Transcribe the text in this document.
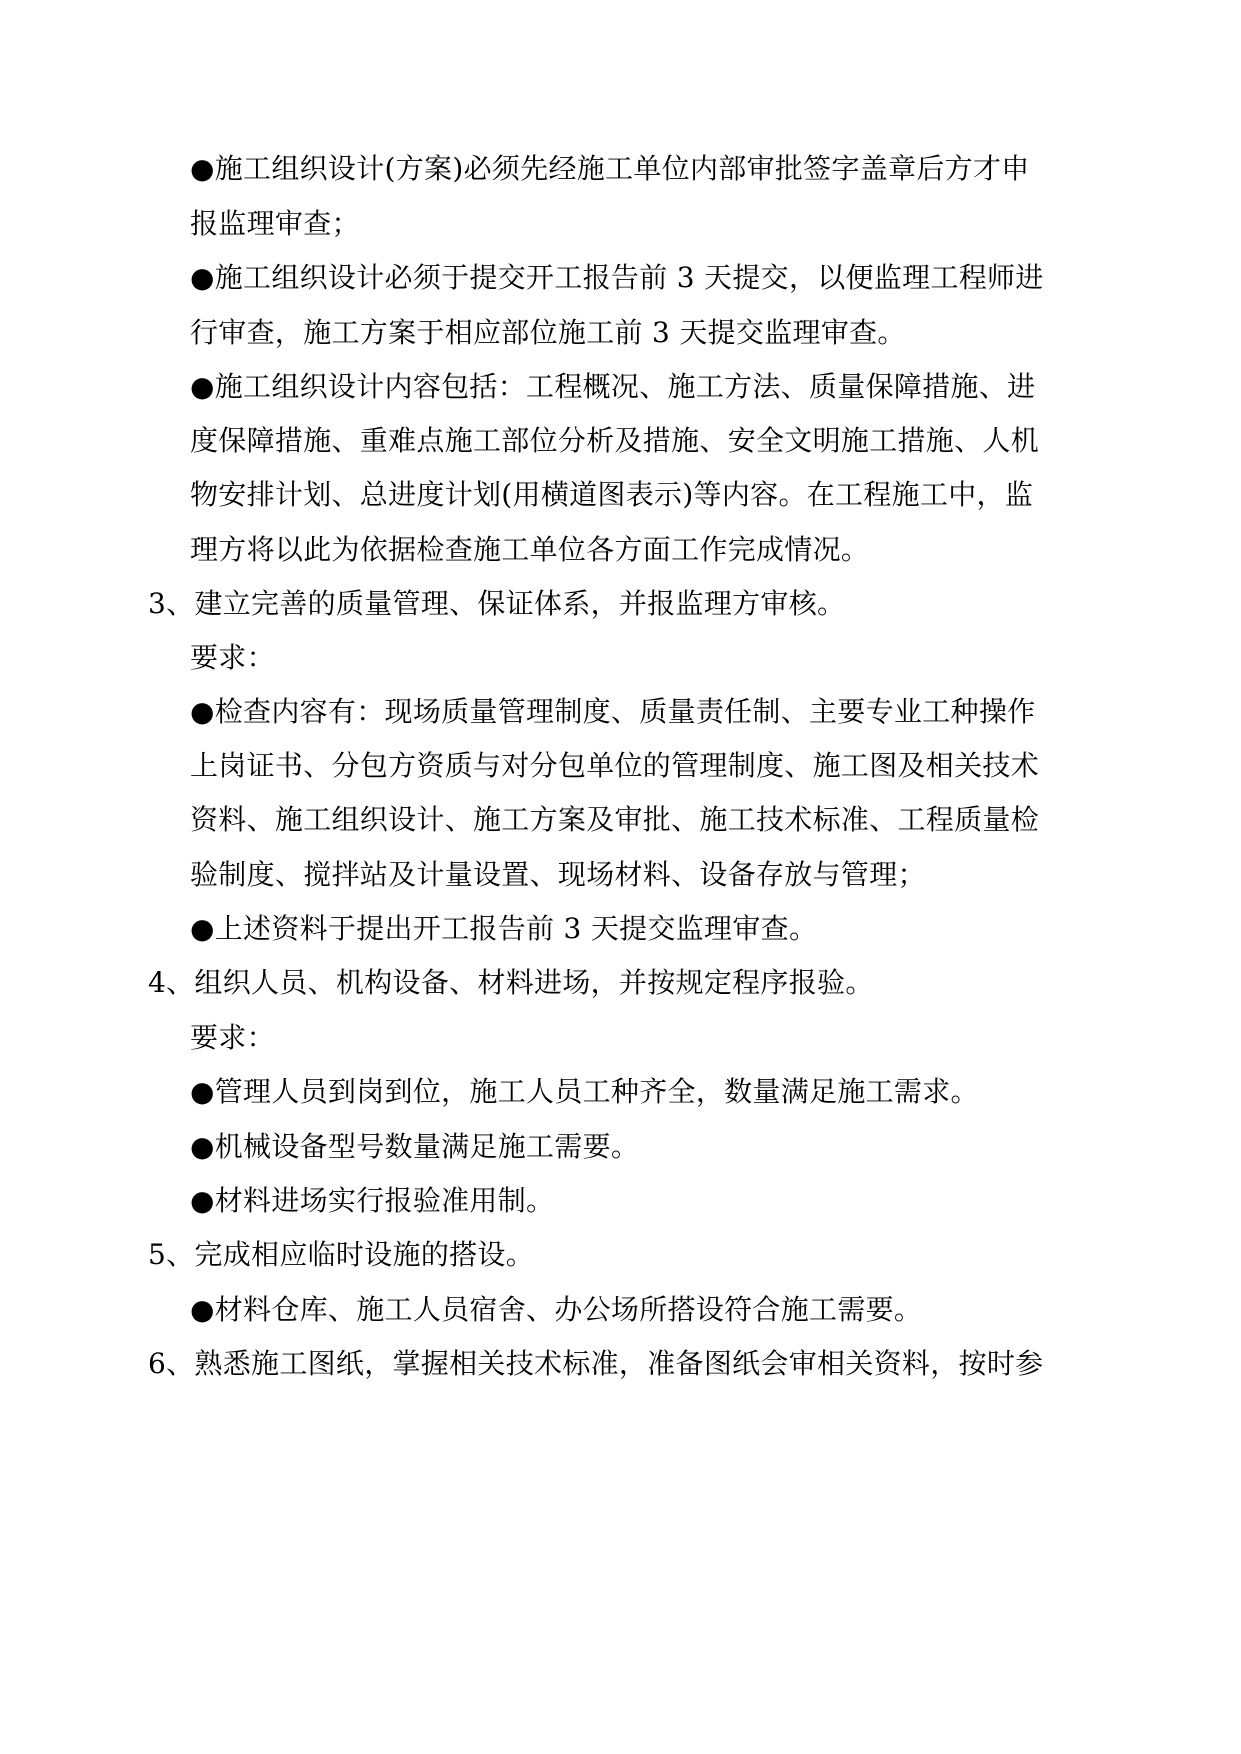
●施工组织设计(方案)必须先经施工单位内部审批签字盖章后方才申
报监理审查；
●施工组织设计必须于提交开工报告前 3 天提交，以便监理工程师进
行审查，施工方案于相应部位施工前 3 天提交监理审查。
●施工组织设计内容包括：工程概况、施工方法、质量保障措施、进
度保障措施、重难点施工部位分析及措施、安全文明施工措施、人机
物安排计划、总进度计划(用横道图表示)等内容。在工程施工中，监
理方将以此为依据检查施工单位各方面工作完成情况。
3、建立完善的质量管理、保证体系，并报监理方审核。
要求：
●检查内容有：现场质量管理制度、质量责任制、主要专业工种操作
上岗证书、分包方资质与对分包单位的管理制度、施工图及相关技术
资料、施工组织设计、施工方案及审批、施工技术标准、工程质量检
验制度、搅拌站及计量设置、现场材料、设备存放与管理；
●上述资料于提出开工报告前 3 天提交监理审查。
4、组织人员、机构设备、材料进场，并按规定程序报验。
要求：
●管理人员到岗到位，施工人员工种齐全，数量满足施工需求。
●机械设备型号数量满足施工需要。
●材料进场实行报验准用制。
5、完成相应临时设施的搭设。
●材料仓库、施工人员宿舍、办公场所搭设符合施工需要。
6、熟悉施工图纸，掌握相关技术标准，准备图纸会审相关资料，按时参
